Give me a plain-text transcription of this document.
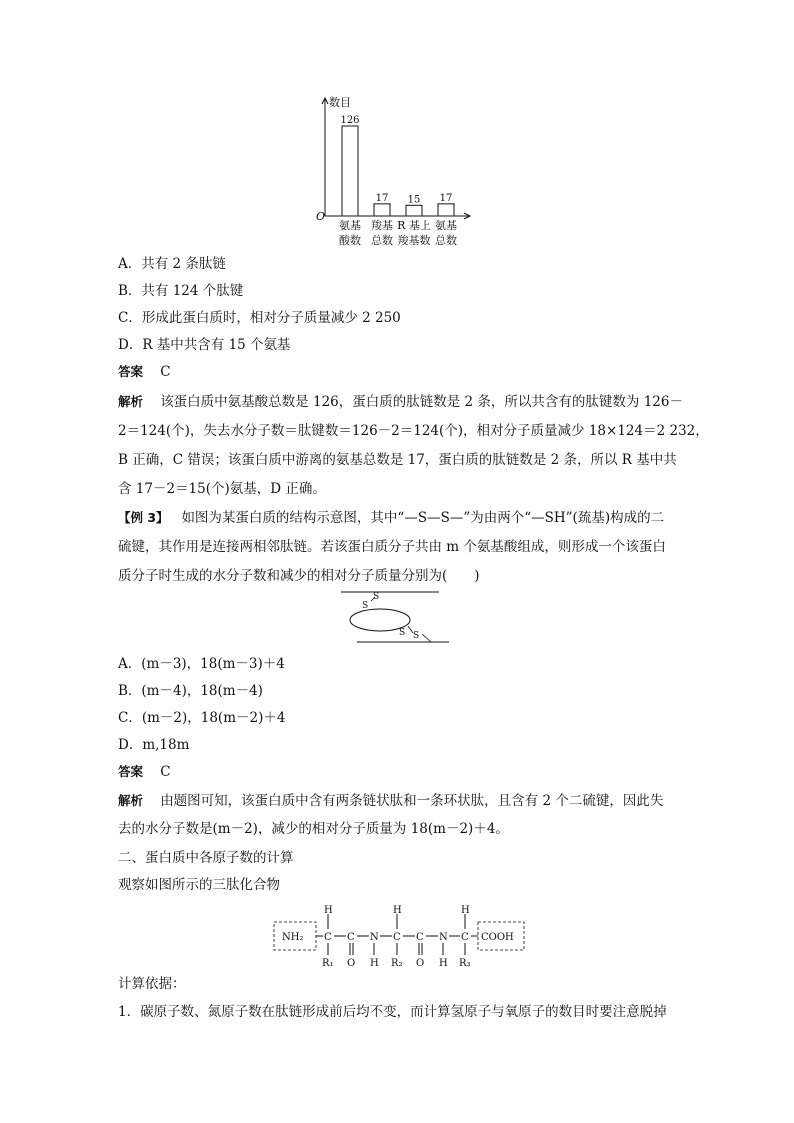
数目
O
126
氨基
酸数
17
羧基
总数
15
R 基上
羧基数
17
氨基
总数
A．共有 2 条肽链
B．共有 124 个肽键
C．形成此蛋白质时，相对分子质量减少 2 250
D．R 基中共含有 15 个氨基
答案 C
解析 该蛋白质中氨基酸总数是 126，蛋白质的肽链数是 2 条，所以共含有的肽键数为 126－
2＝124(个)，失去水分子数＝肽键数＝126－2＝124(个)，相对分子质量减少 18×124＝2 232，
B 正确，C 错误；该蛋白质中游离的氨基总数是 17，蛋白质的肽链数是 2 条，所以 R 基中共
含 17－2＝15(个)氨基，D 正确。
【例 3】 如图为某蛋白质的结构示意图，其中“—S—S—”为由两个“—SH”(巯基)构成的二
硫键，其作用是连接两相邻肽链。若该蛋白质分子共由 m 个氨基酸组成，则形成一个该蛋白
质分子时生成的水分子数和减少的相对分子质量分别为(　　)
S
S
S S
A．(m－3)，18(m－3)＋4
B．(m－4)，18(m－4)
C．(m－2)，18(m－2)＋4
D．m,18m
答案 C
解析 由题图可知，该蛋白质中含有两条链状肽和一条环状肽，且含有 2 个二硫键，因此失
去的水分子数是(m－2)，减少的相对分子质量为 18(m－2)＋4。
二、蛋白质中各原子数的计算
观察如图所示的三肽化合物
NH₂ C
H
R₁
C
O
N
H
C
H
R₂
C
O
N
H
C
H
R₃
COOH
计算依据：
1．碳原子数、氮原子数在肽链形成前后均不变，而计算氢原子与氧原子的数目时要注意脱掉
